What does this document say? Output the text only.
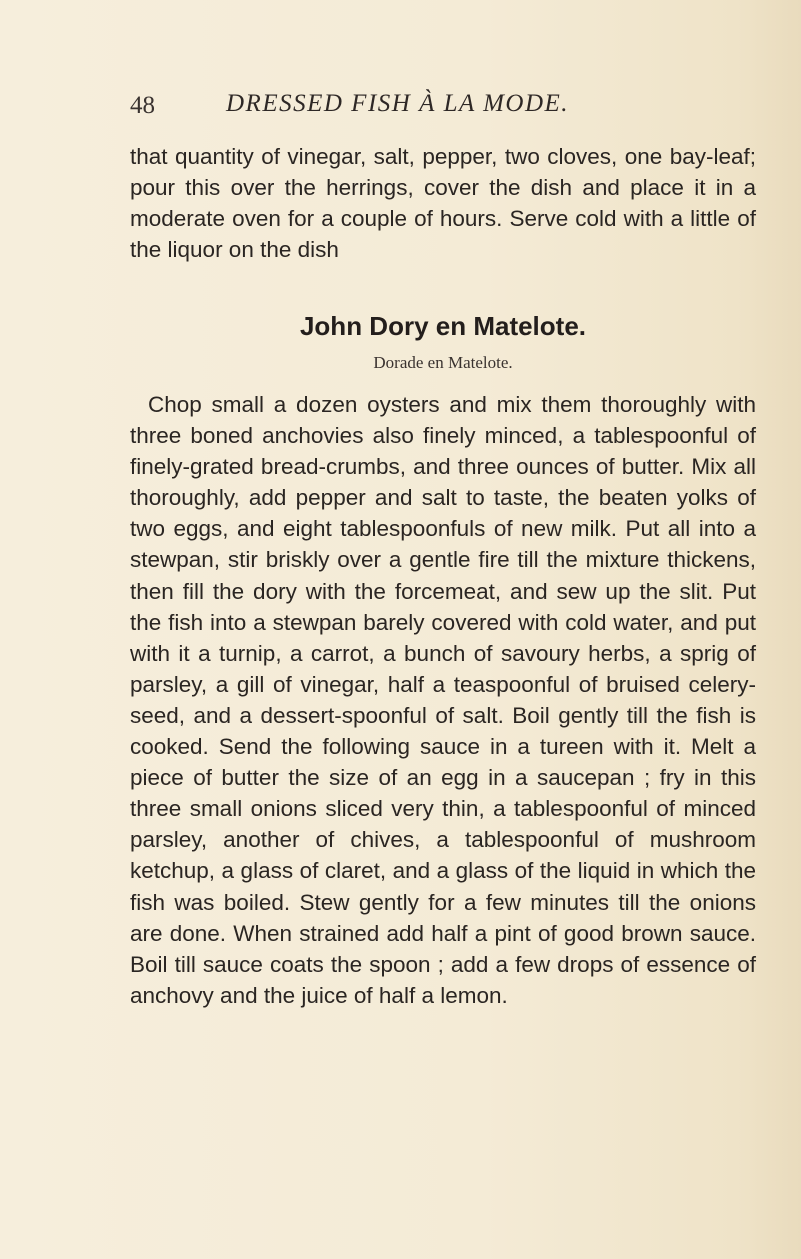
48	DRESSED FISH À LA MODE.
that quantity of vinegar, salt, pepper, two cloves, one bay-leaf; pour this over the herrings, cover the dish and place it in a moderate oven for a couple of hours. Serve cold with a little of the liquor on the dish
John Dory en Matelote.
Dorade en Matelote.
Chop small a dozen oysters and mix them thoroughly with three boned anchovies also finely minced, a tablespoonful of finely-grated bread-crumbs, and three ounces of butter. Mix all thoroughly, add pepper and salt to taste, the beaten yolks of two eggs, and eight tablespoonfuls of new milk. Put all into a stewpan, stir briskly over a gentle fire till the mixture thickens, then fill the dory with the forcemeat, and sew up the slit. Put the fish into a stewpan barely covered with cold water, and put with it a turnip, a carrot, a bunch of savoury herbs, a sprig of parsley, a gill of vinegar, half a teaspoonful of bruised celery-seed, and a dessert-spoonful of salt. Boil gently till the fish is cooked. Send the following sauce in a tureen with it. Melt a piece of butter the size of an egg in a saucepan ; fry in this three small onions sliced very thin, a tablespoonful of minced parsley, another of chives, a tablespoonful of mushroom ketchup, a glass of claret, and a glass of the liquid in which the fish was boiled. Stew gently for a few minutes till the onions are done. When strained add half a pint of good brown sauce. Boil till sauce coats the spoon ; add a few drops of essence of anchovy and the juice of half a lemon.
